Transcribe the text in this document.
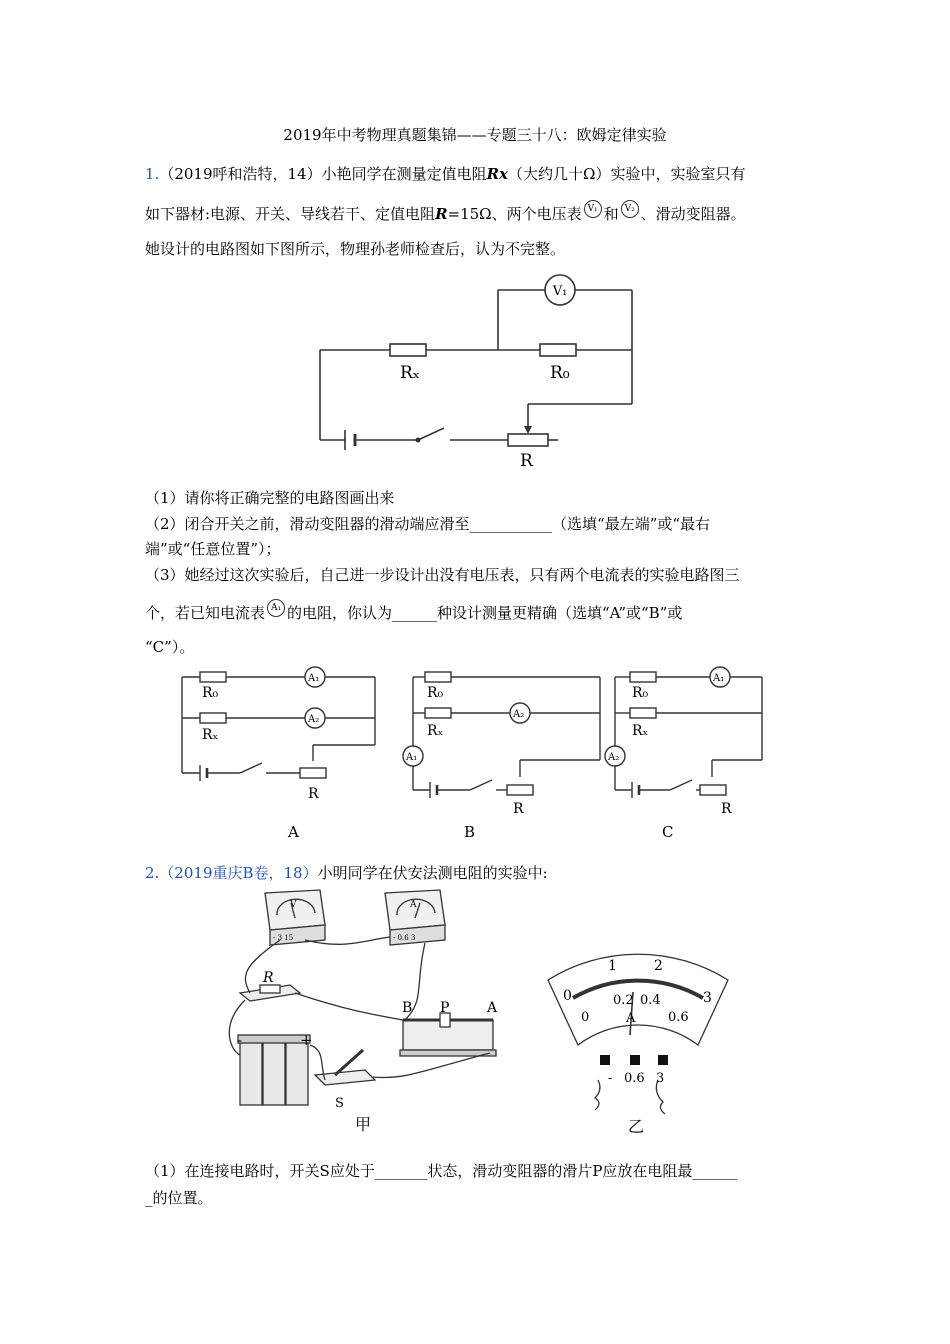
2019年中考物理真题集锦——专题三十八：欧姆定律实验
1.（2019呼和浩特，14）小艳同学在测量定值电阻Rx（大约几十Ω）实验中，实验室只有
如下器材:电源、开关、导线若干、定值电阻R=15Ω、两个电压表 V₁ 和 V₂ 、滑动变阻器。
她设计的电路图如下图所示，物理孙老师检查后，认为不完整。
V₁
Rₓ	R₀
R
（1）请你将正确完整的电路图画出来
（2）闭合开关之前，滑动变阻器的滑动端应滑至___________（选填“最左端”或“最右
端”或“任意位置”）；
（3）她经过这次实验后，自己进一步设计出没有电压表，只有两个电流表的实验电路图三
个，若已知电流表 A₁ 的电阻，你认为______种设计测量更精确（选填“A”或“B”或
“C”）。
R₀
Rₓ
A₁
A₂
R
A
R₀
Rₓ
A₂
A₁
R
B
R₀
Rₓ
A₁
A₂
R
C
2.（2019重庆B卷，18）小明同学在伏安法测电阻的实验中:
R
S
B P	A
+
-
V	A
- 3 15	- 0.6 3
甲
0
1	2
3
0
0.2 0.4
0.6
A
- 0.6 3
乙
（1）在连接电路时，开关S应处于_______状态，滑动变阻器的滑片P应放在电阻最______
_的位置。
